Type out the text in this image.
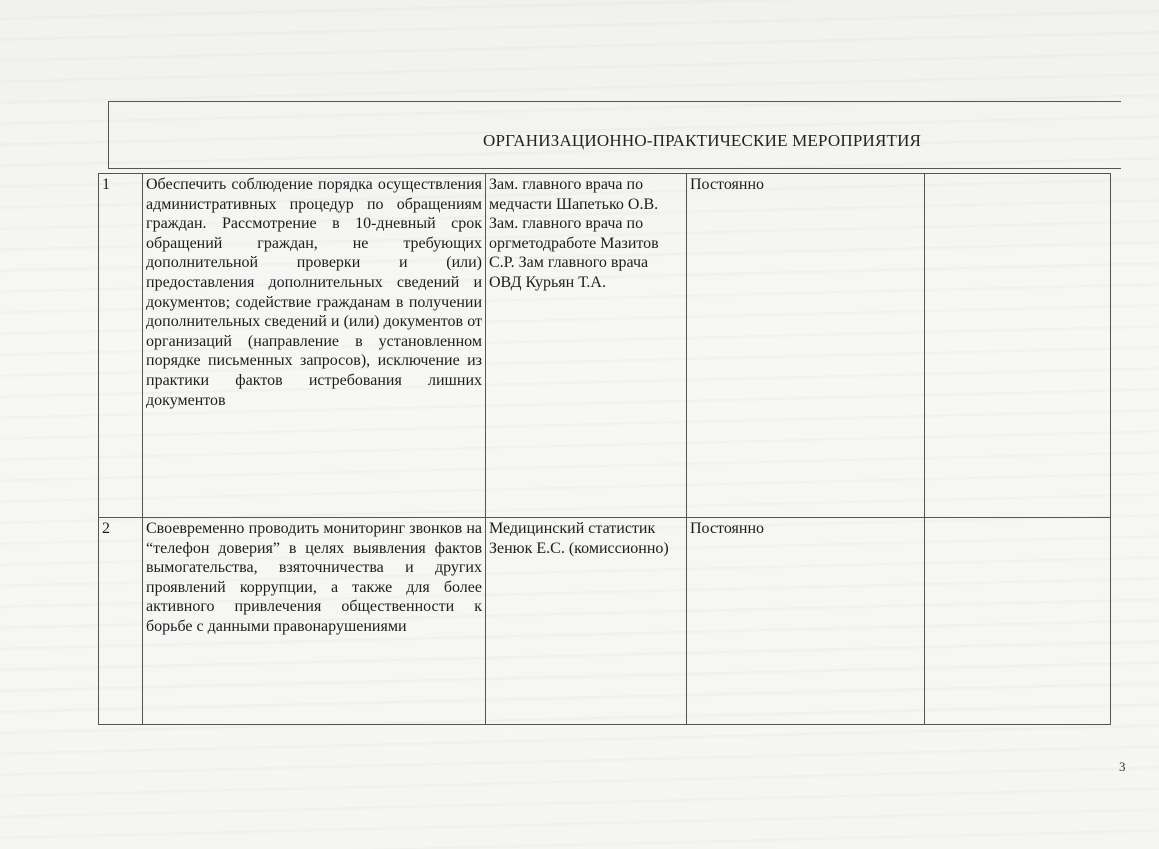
ОРГАНИЗАЦИОННО-ПРАКТИЧЕСКИЕ МЕРОПРИЯТИЯ
1	Обеспечить соблюдение порядка осуществления административных процедур по обращениям граждан. Рассмотрение в 10-дневный срок обращений граждан, не требующих дополнительной проверки и (или) предоставления дополнительных сведений и документов; содействие гражданам в получении дополнительных сведений и (или) документов от организаций (направление в установленном порядке письменных запросов), исключение из практики фактов истребования лишних документов	Зам. главного врача по медчасти Шапетько О.В. Зам. главного врача по оргметодработе Мазитов С.Р. Зам главного врача ОВД Курьян Т.А.	Постоянно	
2	Своевременно проводить мониторинг звонков на “телефон доверия” в целях выявления фактов вымогательства, взяточничества и других проявлений коррупции, а также для более активного привлечения общественности к борьбе с данными правонарушениями	Медицинский статистик Зенюк Е.С. (комиссионно)	Постоянно	
3
